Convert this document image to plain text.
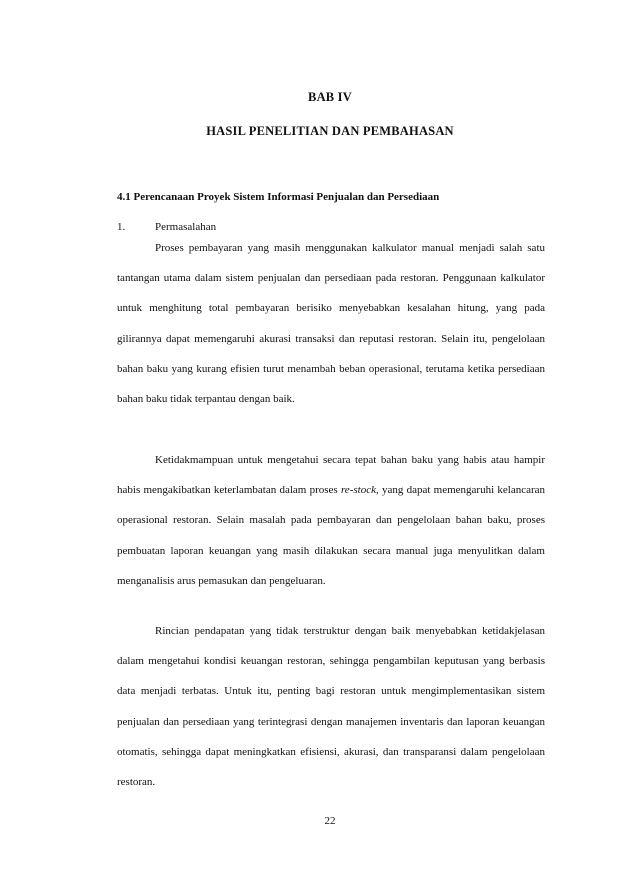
BAB IV
HASIL PENELITIAN DAN PEMBAHASAN
4.1 Perencanaan Proyek Sistem Informasi Penjualan dan Persediaan
1.	Permasalahan

Proses pembayaran yang masih menggunakan kalkulator manual menjadi salah satu tantangan utama dalam sistem penjualan dan persediaan pada restoran. Penggunaan kalkulator untuk menghitung total pembayaran berisiko menyebabkan kesalahan hitung, yang pada gilirannya dapat memengaruhi akurasi transaksi dan reputasi restoran. Selain itu, pengelolaan bahan baku yang kurang efisien turut menambah beban operasional, terutama ketika persediaan bahan baku tidak terpantau dengan baik.

Ketidakmampuan untuk mengetahui secara tepat bahan baku yang habis atau hampir habis mengakibatkan keterlambatan dalam proses re-stock, yang dapat memengaruhi kelancaran operasional restoran. Selain masalah pada pembayaran dan pengelolaan bahan baku, proses pembuatan laporan keuangan yang masih dilakukan secara manual juga menyulitkan dalam menganalisis arus pemasukan dan pengeluaran.

Rincian pendapatan yang tidak terstruktur dengan baik menyebabkan ketidakjelasan dalam mengetahui kondisi keuangan restoran, sehingga pengambilan keputusan yang berbasis data menjadi terbatas. Untuk itu, penting bagi restoran untuk mengimplementasikan sistem penjualan dan persediaan yang terintegrasi dengan manajemen inventaris dan laporan keuangan otomatis, sehingga dapat meningkatkan efisiensi, akurasi, dan transparansi dalam pengelolaan restoran.

22
